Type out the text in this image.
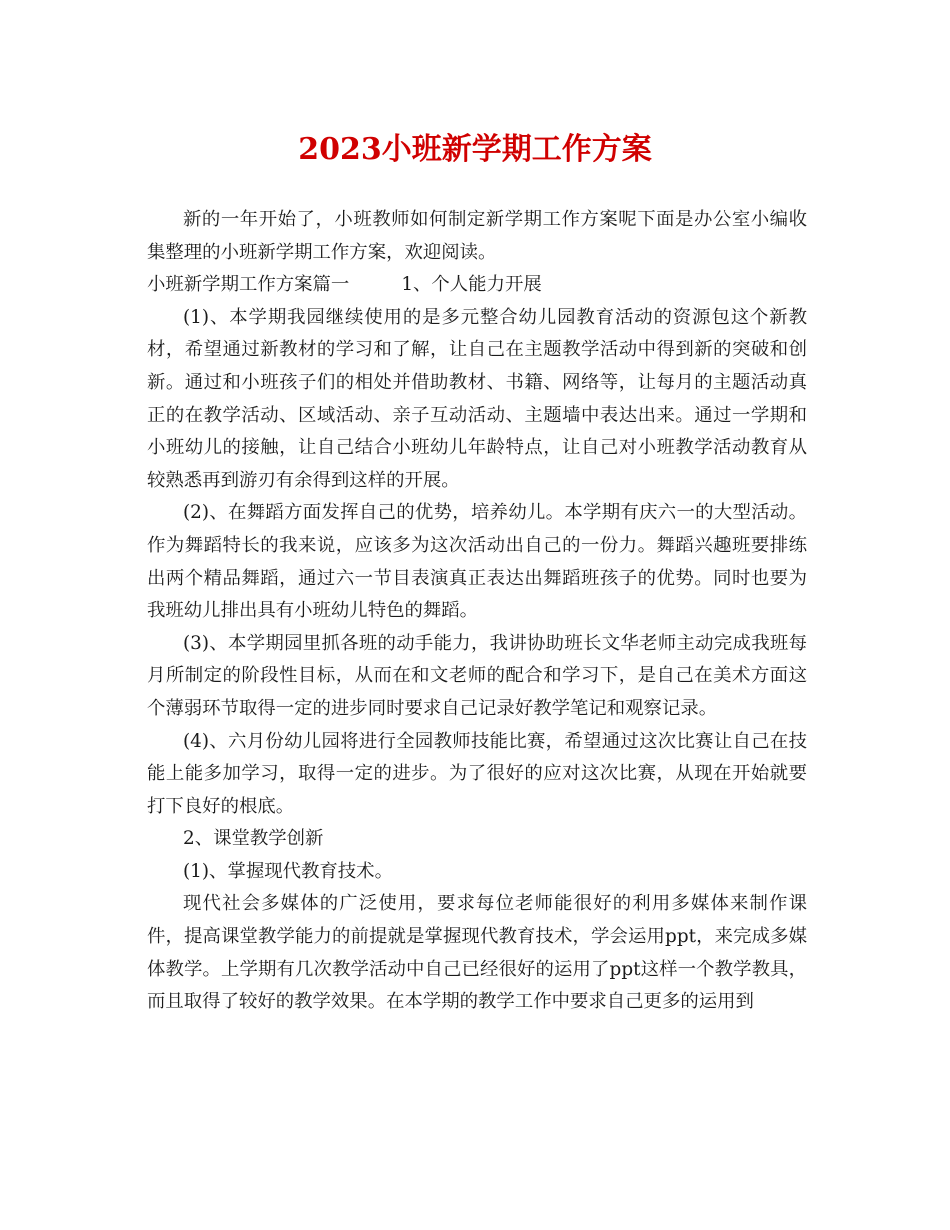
2023小班新学期工作方案

新的一年开始了，小班教师如何制定新学期工作方案呢下面是办公室小编收集整理的小班新学期工作方案，欢迎阅读。

小班新学期工作方案篇一	1、个人能力开展

(1)、本学期我园继续使用的是多元整合幼儿园教育活动的资源包这个新教材，希望通过新教材的学习和了解，让自己在主题教学活动中得到新的突破和创新。通过和小班孩子们的相处并借助教材、书籍、网络等，让每月的主题活动真正的在教学活动、区域活动、亲子互动活动、主题墙中表达出来。通过一学期和小班幼儿的接触，让自己结合小班幼儿年龄特点，让自己对小班教学活动教育从较熟悉再到游刃有余得到这样的开展。

(2)、在舞蹈方面发挥自己的优势，培养幼儿。本学期有庆六一的大型活动。作为舞蹈特长的我来说，应该多为这次活动出自己的一份力。舞蹈兴趣班要排练出两个精品舞蹈，通过六一节目表演真正表达出舞蹈班孩子的优势。同时也要为我班幼儿排出具有小班幼儿特色的舞蹈。

(3)、本学期园里抓各班的动手能力，我讲协助班长文华老师主动完成我班每月所制定的阶段性目标，从而在和文老师的配合和学习下，是自己在美术方面这个薄弱环节取得一定的进步同时要求自己记录好教学笔记和观察记录。

(4)、六月份幼儿园将进行全园教师技能比赛，希望通过这次比赛让自己在技能上能多加学习，取得一定的进步。为了很好的应对这次比赛，从现在开始就要打下良好的根底。

2、课堂教学创新

(1)、掌握现代教育技术。

现代社会多媒体的广泛使用，要求每位老师能很好的利用多媒体来制作课件，提高课堂教学能力的前提就是掌握现代教育技术，学会运用ppt，来完成多媒体教学。上学期有几次教学活动中自己已经很好的运用了ppt这样一个教学教具，而且取得了较好的教学效果。在本学期的教学工作中要求自己更多的运用到
